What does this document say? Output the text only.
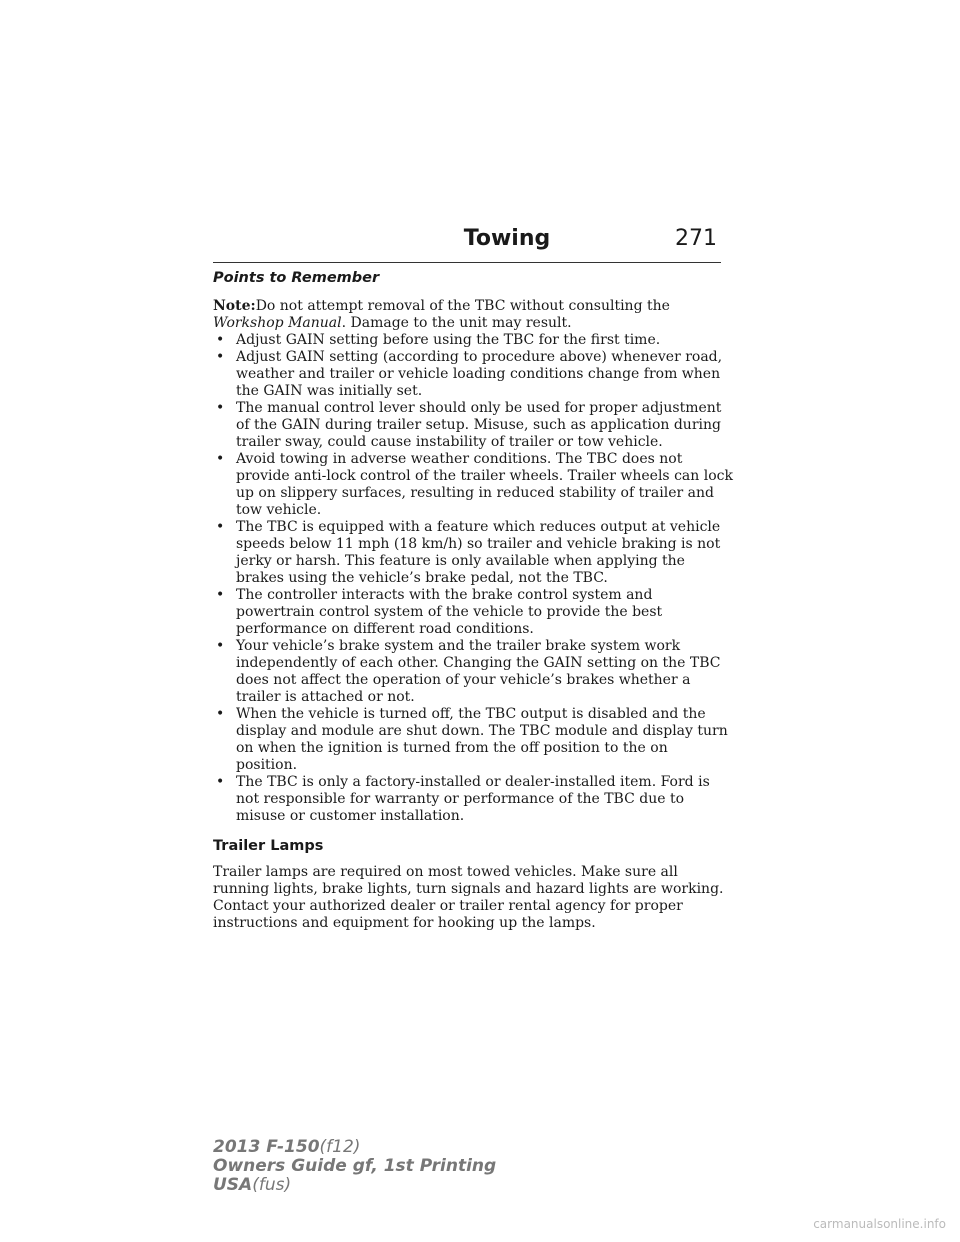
Towing	271
Points to Remember

Note:Do not attempt removal of the TBC without consulting the
Workshop Manual. Damage to the unit may result.

• Adjust GAIN setting before using the TBC for the first time.
• Adjust GAIN setting (according to procedure above) whenever road, weather and trailer or vehicle loading conditions change from when the GAIN was initially set.
• The manual control lever should only be used for proper adjustment of the GAIN during trailer setup. Misuse, such as application during trailer sway, could cause instability of trailer or tow vehicle.
• Avoid towing in adverse weather conditions. The TBC does not provide anti-lock control of the trailer wheels. Trailer wheels can lock up on slippery surfaces, resulting in reduced stability of trailer and tow vehicle.
• The TBC is equipped with a feature which reduces output at vehicle speeds below 11 mph (18 km/h) so trailer and vehicle braking is not jerky or harsh. This feature is only available when applying the brakes using the vehicle’s brake pedal, not the TBC.
• The controller interacts with the brake control system and powertrain control system of the vehicle to provide the best performance on different road conditions.
• Your vehicle’s brake system and the trailer brake system work independently of each other. Changing the GAIN setting on the TBC does not affect the operation of your vehicle’s brakes whether a trailer is attached or not.
• When the vehicle is turned off, the TBC output is disabled and the display and module are shut down. The TBC module and display turn on when the ignition is turned from the off position to the on position.
• The TBC is only a factory-installed or dealer-installed item. Ford is not responsible for warranty or performance of the TBC due to misuse or customer installation.
Trailer Lamps

Trailer lamps are required on most towed vehicles. Make sure all running lights, brake lights, turn signals and hazard lights are working. Contact your authorized dealer or trailer rental agency for proper instructions and equipment for hooking up the lamps.

2013 F-150(f12)
Owners Guide gf, 1st Printing
USA(fus)
carmanualsonline.info
